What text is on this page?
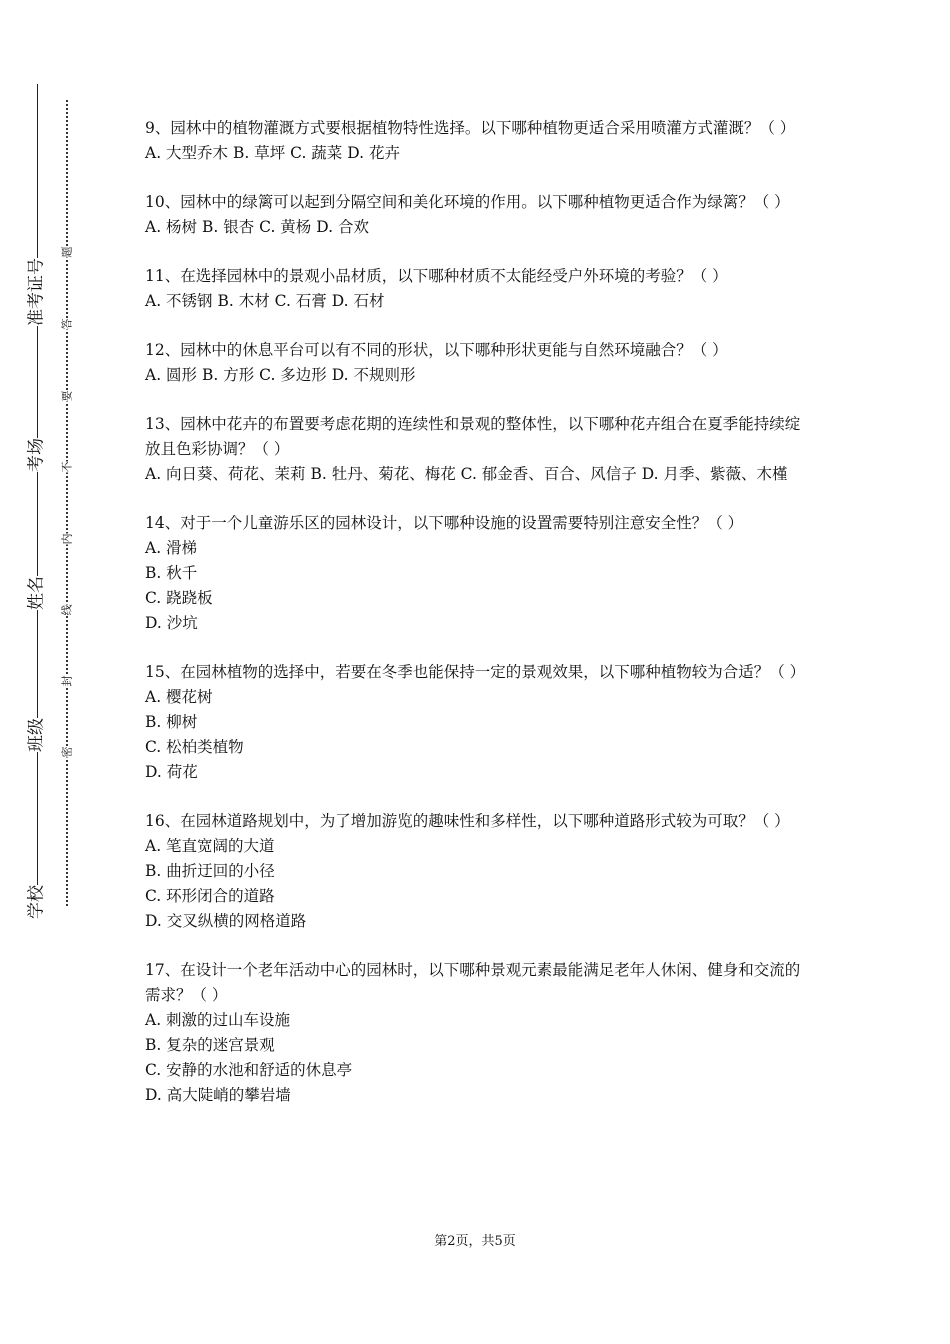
准考证号
考场
姓名
班级
学校
题
答
要
不
内
线
封
密

9、园林中的植物灌溉方式要根据植物特性选择。以下哪种植物更适合采用喷灌方式灌溉？（ ）

A. 大型乔木 B. 草坪 C. 蔬菜 D. 花卉

10、园林中的绿篱可以起到分隔空间和美化环境的作用。以下哪种植物更适合作为绿篱？（ ）

A. 杨树 B. 银杏 C. 黄杨 D. 合欢

11、在选择园林中的景观小品材质，以下哪种材质不太能经受户外环境的考验？（ ）

A. 不锈钢 B. 木材 C. 石膏 D. 石材

12、园林中的休息平台可以有不同的形状，以下哪种形状更能与自然环境融合？（ ）

A. 圆形 B. 方形 C. 多边形 D. 不规则形

13、园林中花卉的布置要考虑花期的连续性和景观的整体性，以下哪种花卉组合在夏季能持续绽放且色彩协调？（ ）

A. 向日葵、荷花、茉莉 B. 牡丹、菊花、梅花 C. 郁金香、百合、风信子 D. 月季、紫薇、木槿

14、对于一个儿童游乐区的园林设计，以下哪种设施的设置需要特别注意安全性？（ ）

A. 滑梯

B. 秋千

C. 跷跷板

D. 沙坑

15、在园林植物的选择中，若要在冬季也能保持一定的景观效果，以下哪种植物较为合适？（ ）

A. 樱花树

B. 柳树

C. 松柏类植物

D. 荷花

16、在园林道路规划中，为了增加游览的趣味性和多样性，以下哪种道路形式较为可取？（ ）

A. 笔直宽阔的大道

B. 曲折迂回的小径

C. 环形闭合的道路

D. 交叉纵横的网格道路

17、在设计一个老年活动中心的园林时，以下哪种景观元素最能满足老年人休闲、健身和交流的需求？（ ）

A. 刺激的过山车设施

B. 复杂的迷宫景观

C. 安静的水池和舒适的休息亭

D. 高大陡峭的攀岩墙

第2页，共5页
